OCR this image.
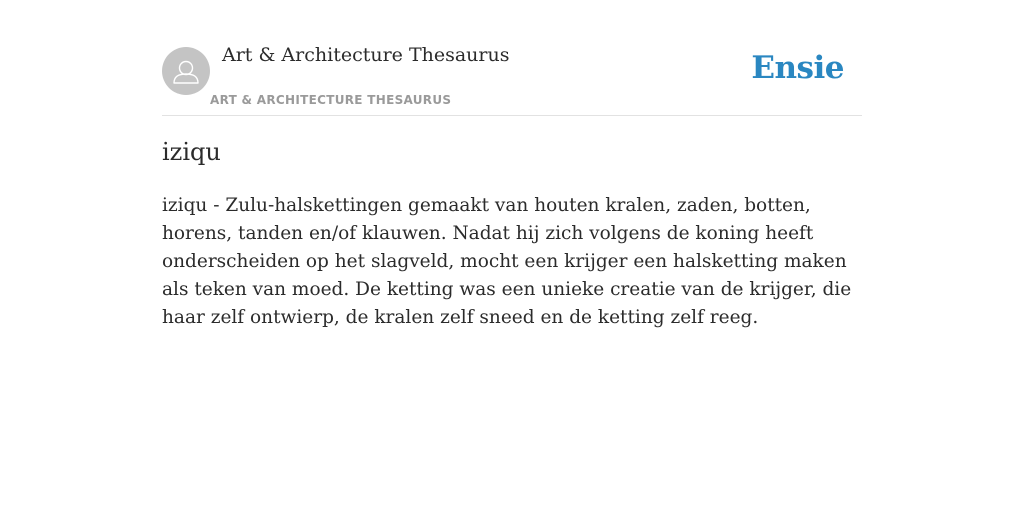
Art & Architecture Thesaurus
ART & ARCHITECTURE THESAURUS
Ensie
iziqu

iziqu - Zulu-halskettingen gemaakt van houten kralen, zaden, botten, horens, tanden en/of klauwen. Nadat hij zich volgens de koning heeft onderscheiden op het slagveld, mocht een krijger een halsketting maken als teken van moed. De ketting was een unieke creatie van de krijger, die haar zelf ontwierp, de kralen zelf sneed en de ketting zelf reeg.
